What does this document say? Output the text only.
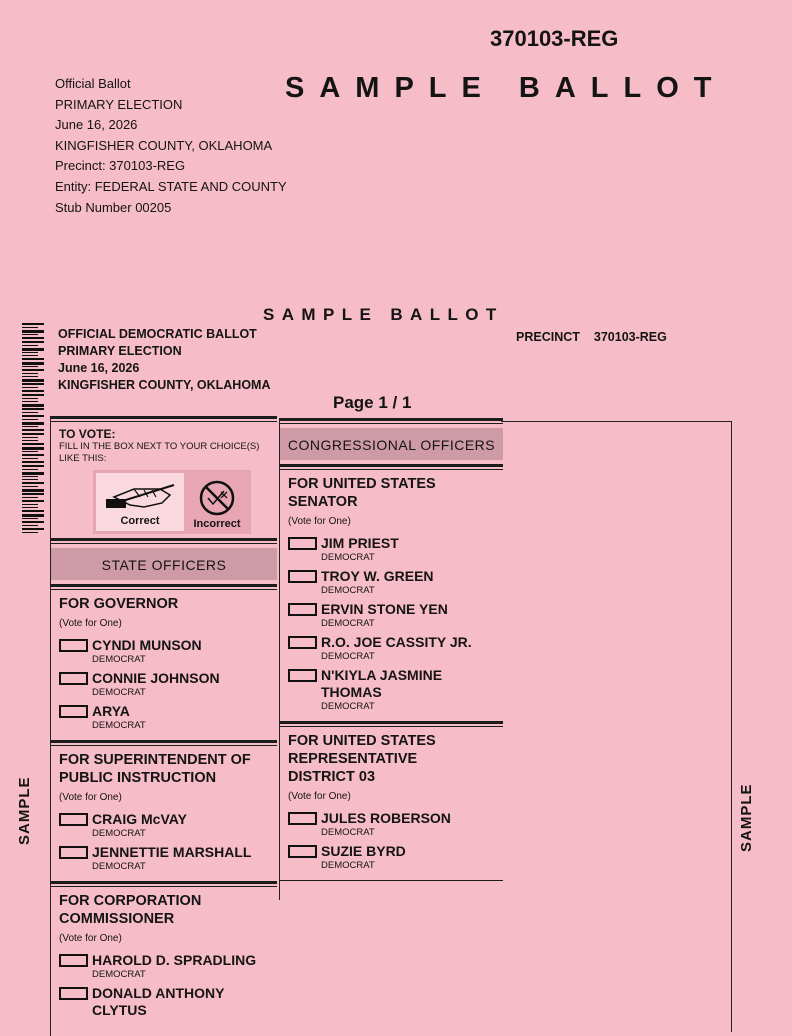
370103-REG
SAMPLE BALLOT
Official Ballot
PRIMARY ELECTION
June 16, 2026
KINGFISHER COUNTY, OKLAHOMA
Precinct: 370103-REG
Entity: FEDERAL STATE AND COUNTY
Stub Number 00205
SAMPLE BALLOT
OFFICIAL DEMOCRATIC BALLOT
PRIMARY ELECTION
June 16, 2026
KINGFISHER COUNTY, OKLAHOMA
PRECINCT 370103-REG
Page 1 / 1
SAMPLE	SAMPLE
TO VOTE:
FILL IN THE BOX NEXT TO YOUR CHOICE(S) LIKE THIS:
Correct	Incorrect
STATE OFFICERS
FOR GOVERNOR
(Vote for One)
CYNDI MUNSON
DEMOCRAT
CONNIE JOHNSON
DEMOCRAT
ARYA
DEMOCRAT
FOR SUPERINTENDENT OF PUBLIC INSTRUCTION
(Vote for One)
CRAIG McVAY
DEMOCRAT
JENNETTIE MARSHALL
DEMOCRAT
FOR CORPORATION COMMISSIONER
(Vote for One)
HAROLD D. SPRADLING
DEMOCRAT
DONALD ANTHONY CLYTUS
CONGRESSIONAL OFFICERS
FOR UNITED STATES SENATOR
(Vote for One)
JIM PRIEST
DEMOCRAT
TROY W. GREEN
DEMOCRAT
ERVIN STONE YEN
DEMOCRAT
R.O. JOE CASSITY JR.
DEMOCRAT
N'KIYLA JASMINE THOMAS
DEMOCRAT
FOR UNITED STATES REPRESENTATIVE DISTRICT 03
(Vote for One)
JULES ROBERSON
DEMOCRAT
SUZIE BYRD
DEMOCRAT
